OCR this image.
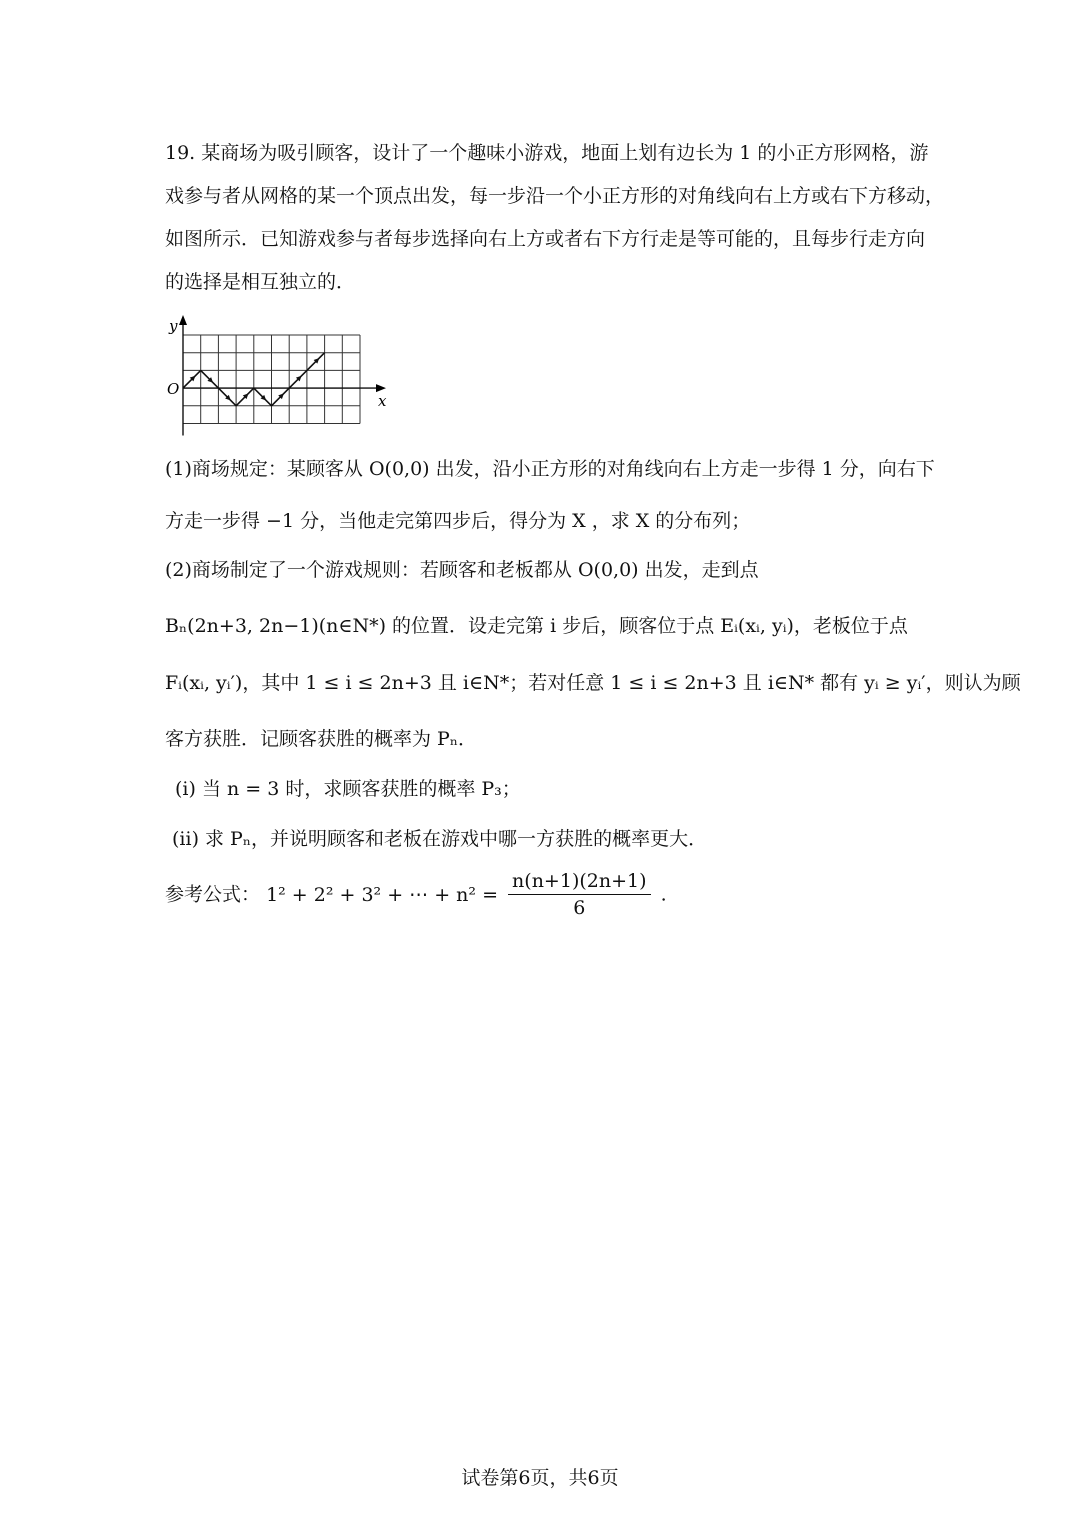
19. 某商场为吸引顾客，设计了一个趣味小游戏，地面上划有边长为 1 的小正方形网格，游
戏参与者从网格的某一个顶点出发，每一步沿一个小正方形的对角线向右上方或右下方移动，
如图所示．已知游戏参与者每步选择向右上方或者右下方行走是等可能的，且每步行走方向
的选择是相互独立的．
x
y
O
(1)商场规定：某顾客从 O(0,0) 出发，沿小正方形的对角线向右上方走一步得 1 分，向右下
方走一步得 −1 分，当他走完第四步后，得分为 X ，求 X 的分布列；
(2)商场制定了一个游戏规则：若顾客和老板都从 O(0,0) 出发，走到点
Bₙ(2n+3, 2n−1)(n∈N*) 的位置．设走完第 i 步后，顾客位于点 Eᵢ(xᵢ, yᵢ)，老板位于点
Fᵢ(xᵢ, yᵢ′)，其中 1 ≤ i ≤ 2n+3 且 i∈N*；若对任意 1 ≤ i ≤ 2n+3 且 i∈N* 都有 yᵢ ≥ yᵢ′，则认为顾
客方获胜．记顾客获胜的概率为 Pₙ．
(i) 当 n = 3 时，求顾客获胜的概率 P₃；
(ⅱ) 求 Pₙ，并说明顾客和老板在游戏中哪一方获胜的概率更大．
参考公式： 1² + 2² + 3² + ⋯ + $n^2 = \frac{n(n+1)(2n+1)}{6}$ .
试卷第6页，共6页
